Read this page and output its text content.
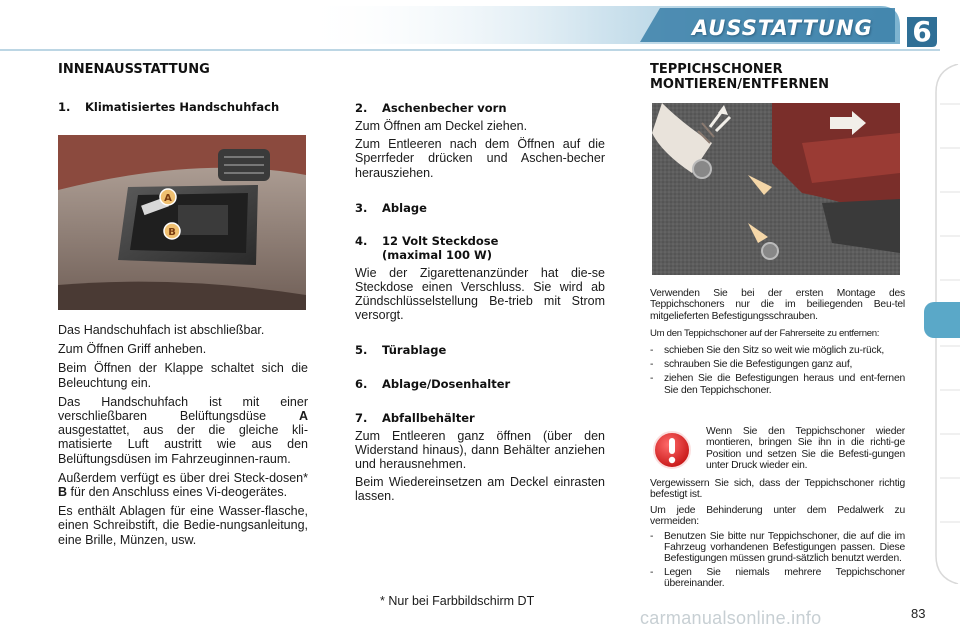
AUSSTATTUNG	6
INNENAUSSTATTUNG
1.	Klimatisiertes Handschuhfach
A
B

Das Handschuhfach ist abschließbar.

Zum Öffnen Griff anheben.

Beim Öffnen der Klappe schaltet sich die Beleuchtung ein.

Das Handschuhfach ist mit einer verschließbaren Belüftungsdüse	A ausgestattet, aus der die gleiche kli-matisierte Luft austritt wie aus den Belüftungsdüsen im Fahrzeuginnen-raum.

Außerdem verfügt es über drei Steck-dosen* B für den Anschluss eines Vi-deogerätes.

Es enthält Ablagen für eine Wasser-flasche, einen Schreibstift, die Bedie-nungsanleitung, eine Brille, Münzen, usw.

2.	Aschenbecher vorn

Zum Öffnen am Deckel ziehen.

Zum Entleeren nach dem Öffnen auf die Sperrfeder drücken und Aschen-becher herausziehen.

3.	Ablage
4.	12 Volt Steckdose
(maximal 100 W)

Wie der Zigarettenanzünder hat die-se Steckdose einen Verschluss. Sie wird ab Zündschlüsselstellung Be-trieb mit Strom versorgt.

5.	Türablage
6.	Ablage/Dosenhalter
7.	Abfallbehälter

Zum Entleeren ganz öffnen (über den Widerstand hinaus), dann Behälter anziehen und herausnehmen.

Beim Wiedereinsetzen am Deckel einrasten lassen.

* Nur bei Farbbildschirm DT
TEPPICHSCHONER
MONTIEREN/ENTFERNEN

Verwenden Sie bei der ersten Montage des Teppichschoners nur die im beiliegenden Beu-tel mitgelieferten Befestigungsschrauben.

Um den Teppichschoner auf der Fahrerseite zu entfernen:

-	schieben Sie den Sitz so weit wie möglich zu-rück,
-	schrauben Sie die Befestigungen ganz auf,
-	ziehen Sie die Befestigungen heraus und ent-fernen Sie den Teppichschoner.

Wenn Sie den Teppichschoner wieder montieren, bringen Sie ihn in die richti-ge Position und setzen Sie die Befesti-gungen unter Druck wieder ein.

Vergewissern Sie sich, dass der Teppichschoner richtig befestigt ist.

Um jede Behinderung unter dem Pedalwerk zu vermeiden:

-	Benutzen Sie bitte nur Teppichschoner, die auf die im Fahrzeug vorhandenen Befestigungen passen. Diese Befestigungen müssen grund-sätzlich benutzt werden.
-	Legen Sie niemals mehrere Teppichschoner übereinander.
carmanualsonline.info	83
